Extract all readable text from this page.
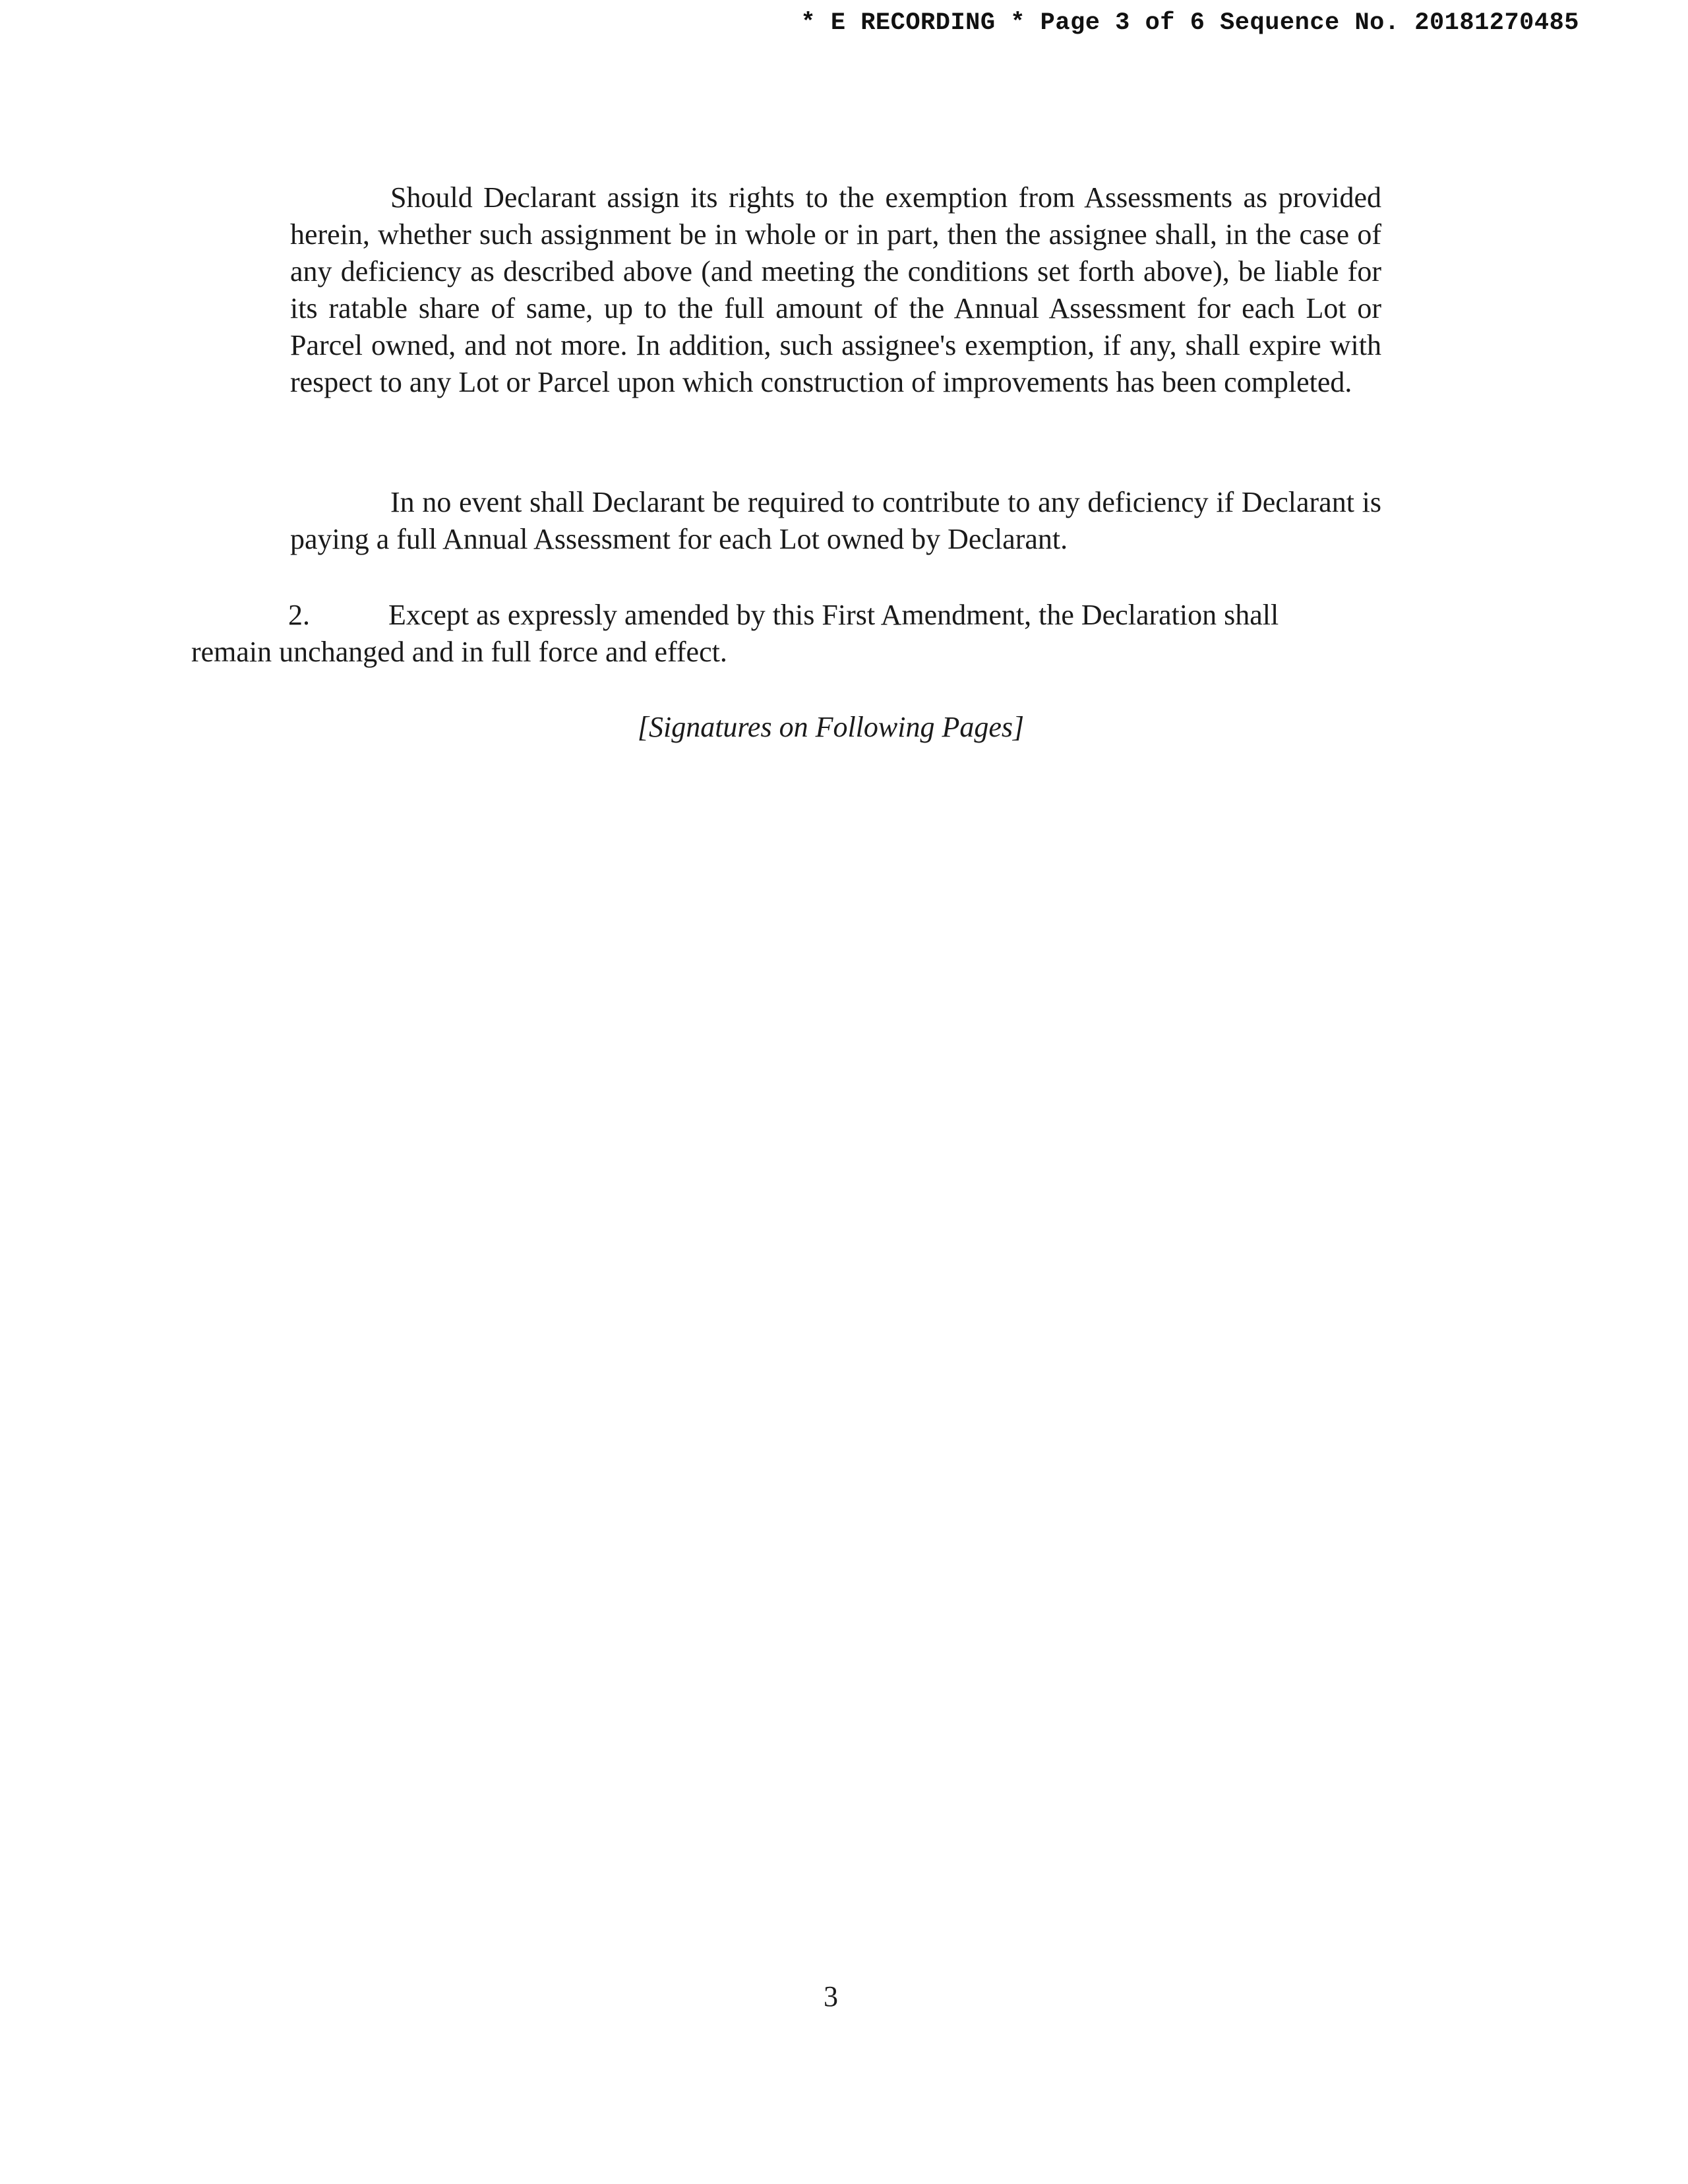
* E RECORDING * Page 3 of 6 Sequence No. 20181270485
Should Declarant assign its rights to the exemption from Assessments as provided herein, whether such assignment be in whole or in part, then the assignee shall, in the case of any deficiency as described above (and meeting the conditions set forth above), be liable for its ratable share of same, up to the full amount of the Annual Assessment for each Lot or Parcel owned, and not more. In addition, such assignee's exemption, if any, shall expire with respect to any Lot or Parcel upon which construction of improvements has been completed.
In no event shall Declarant be required to contribute to any deficiency if Declarant is paying a full Annual Assessment for each Lot owned by Declarant.
2.	Except as expressly amended by this First Amendment, the Declaration shall
remain unchanged and in full force and effect.
[Signatures on Following Pages]
3
